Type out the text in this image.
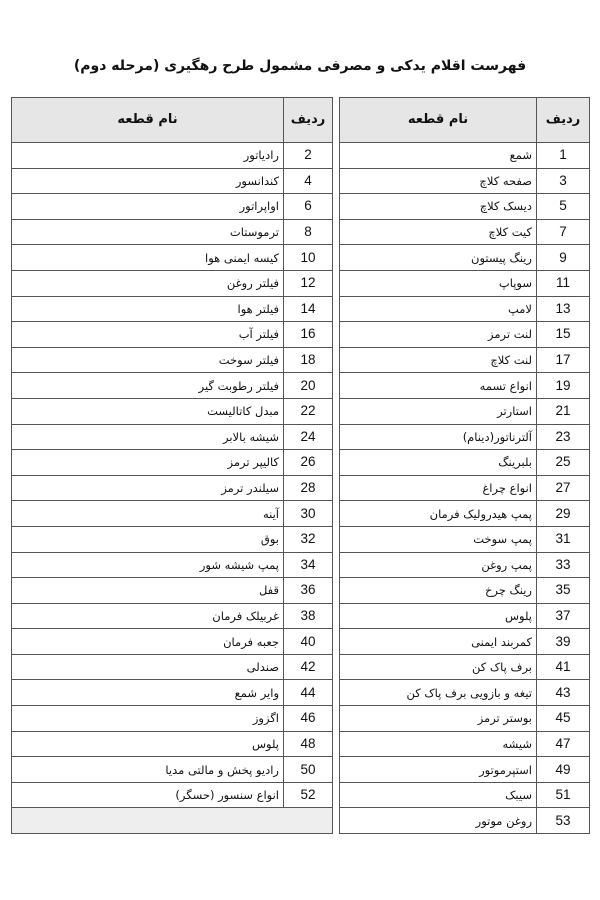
فهرست اقلام یدکی و مصرفی مشمول طرح رهگیری (مرحله دوم)
ردیف	نام قطعه		ردیف	نام قطعه
1	شمع		2	رادیاتور
3	صفحه کلاچ		4	کندانسور
5	دیسک کلاچ		6	اواپراتور
7	کیت کلاچ		8	ترموستات
9	رینگ پیستون		10	کیسه ایمنی هوا
11	سوپاپ		12	فیلتر روغن
13	لامپ		14	فیلتر هوا
15	لنت ترمز		16	فیلتر آب
17	لنت کلاچ		18	فیلتر سوخت
19	انواع تسمه		20	فیلتر رطوبت گیر
21	استارتر		22	مبدل کاتالیست
23	آلترناتور(دینام)		24	شیشه بالابر
25	بلبرینگ		26	کالیپر ترمز
27	انواع چراغ		28	سیلندر ترمز
29	پمپ هیدرولیک فرمان		30	آینه
31	پمپ سوخت		32	بوق
33	پمپ روغن		34	پمپ شیشه شور
35	رینگ چرخ		36	قفل
37	پلوس		38	غربیلک فرمان
39	کمربند ایمنی		40	جعبه فرمان
41	برف پاک کن		42	صندلی
43	تیغه و بازویی برف پاک کن		44	وایر شمع
45	بوستر ترمز		46	اگزوز
47	شیشه		48	پلوس
49	استپرموتور		50	رادیو پخش و مالتی مدیا
51	سیبک		52	انواع سنسور (حسگر)
53	روغن موتور			
